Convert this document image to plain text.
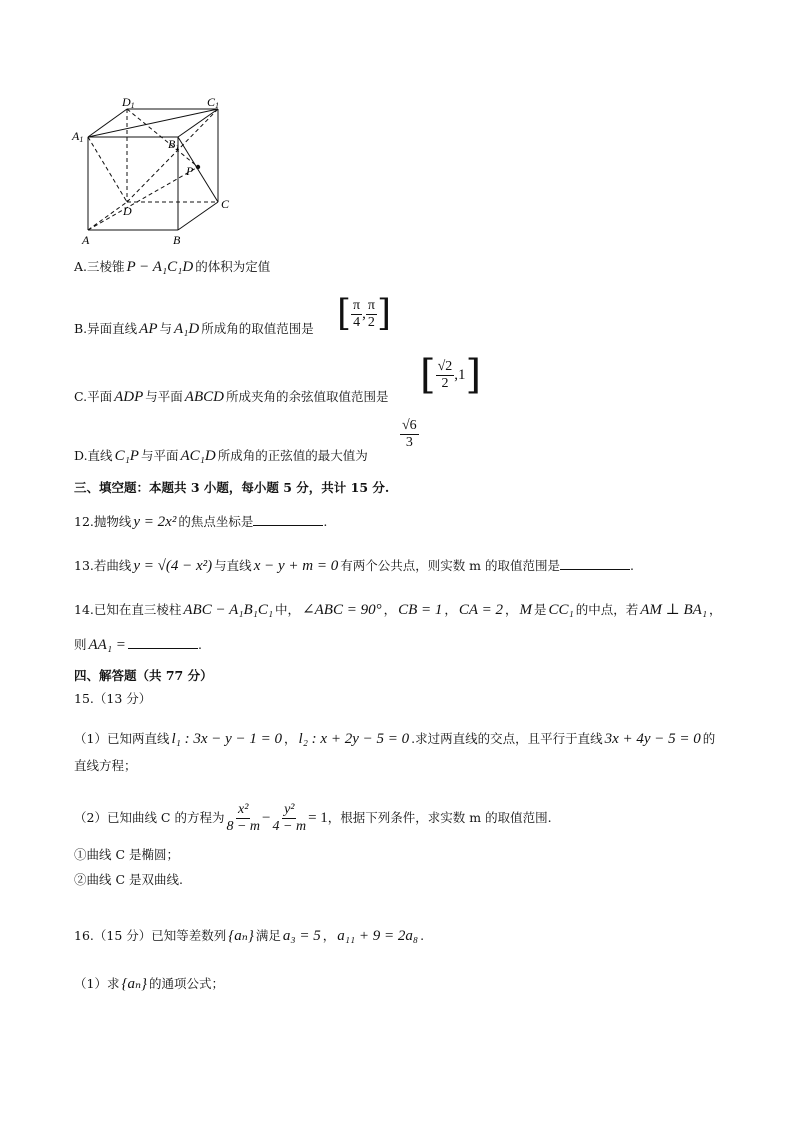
D1	C1
A1	B1
P
D	C
A	B
A.三棱锥 P − A₁C₁D 的体积为定值
B.异面直线 AP 与 A₁D 所成角的取值范围是 [ $\frac{\pi}{4}$ , $\frac{\pi}{2}$ ]
C.平面 ADP 与平面 ABCD 所成夹角的余弦值取值范围是 [ $\frac{√2}{2}$ , 1 ]
D.直线 C₁P 与平面 AC₁D 所成角的正弦值的最大值为
$\frac{√6}{3}$
三、填空题：本题共 3 小题，每小题 5 分，共计 15 分.
12.抛物线 y = 2x² 的焦点坐标是	.
13.若曲线 y = √(4 − x²) 与直线 x − y + m = 0 有两个公共点，则实数 m 的取值范围是	.
14.已知在直三棱柱 ABC − A₁B₁C₁ 中， ∠ABC = 90° ， CB = 1 ， CA = 2 ， M 是 CC₁ 的中点，若 AM ⊥ BA₁ ，
则 AA₁ =	.
四、解答题（共 77 分）
15.（13 分）
（1）已知两直线 l₁ : 3x − y − 1 = 0 ， l₂ : x + 2y − 5 = 0 .求过两直线的交点，且平行于直线 3x + 4y − 5 = 0 的
直线方程；
（2）已知曲线 C 的方程为 $\frac{\text{x²}}{8 - m} - \frac{\text{y²}}{4 - m} = 1$ ，根据下列条件，求实数 m 的取值范围.
①曲线 C 是椭圆；
②曲线 C 是双曲线.
16.（15 分）已知等差数列 {aₙ} 满足 a₃ = 5 ， a₁₁ + 9 = 2a₈ .
（1）求 {aₙ} 的通项公式；
